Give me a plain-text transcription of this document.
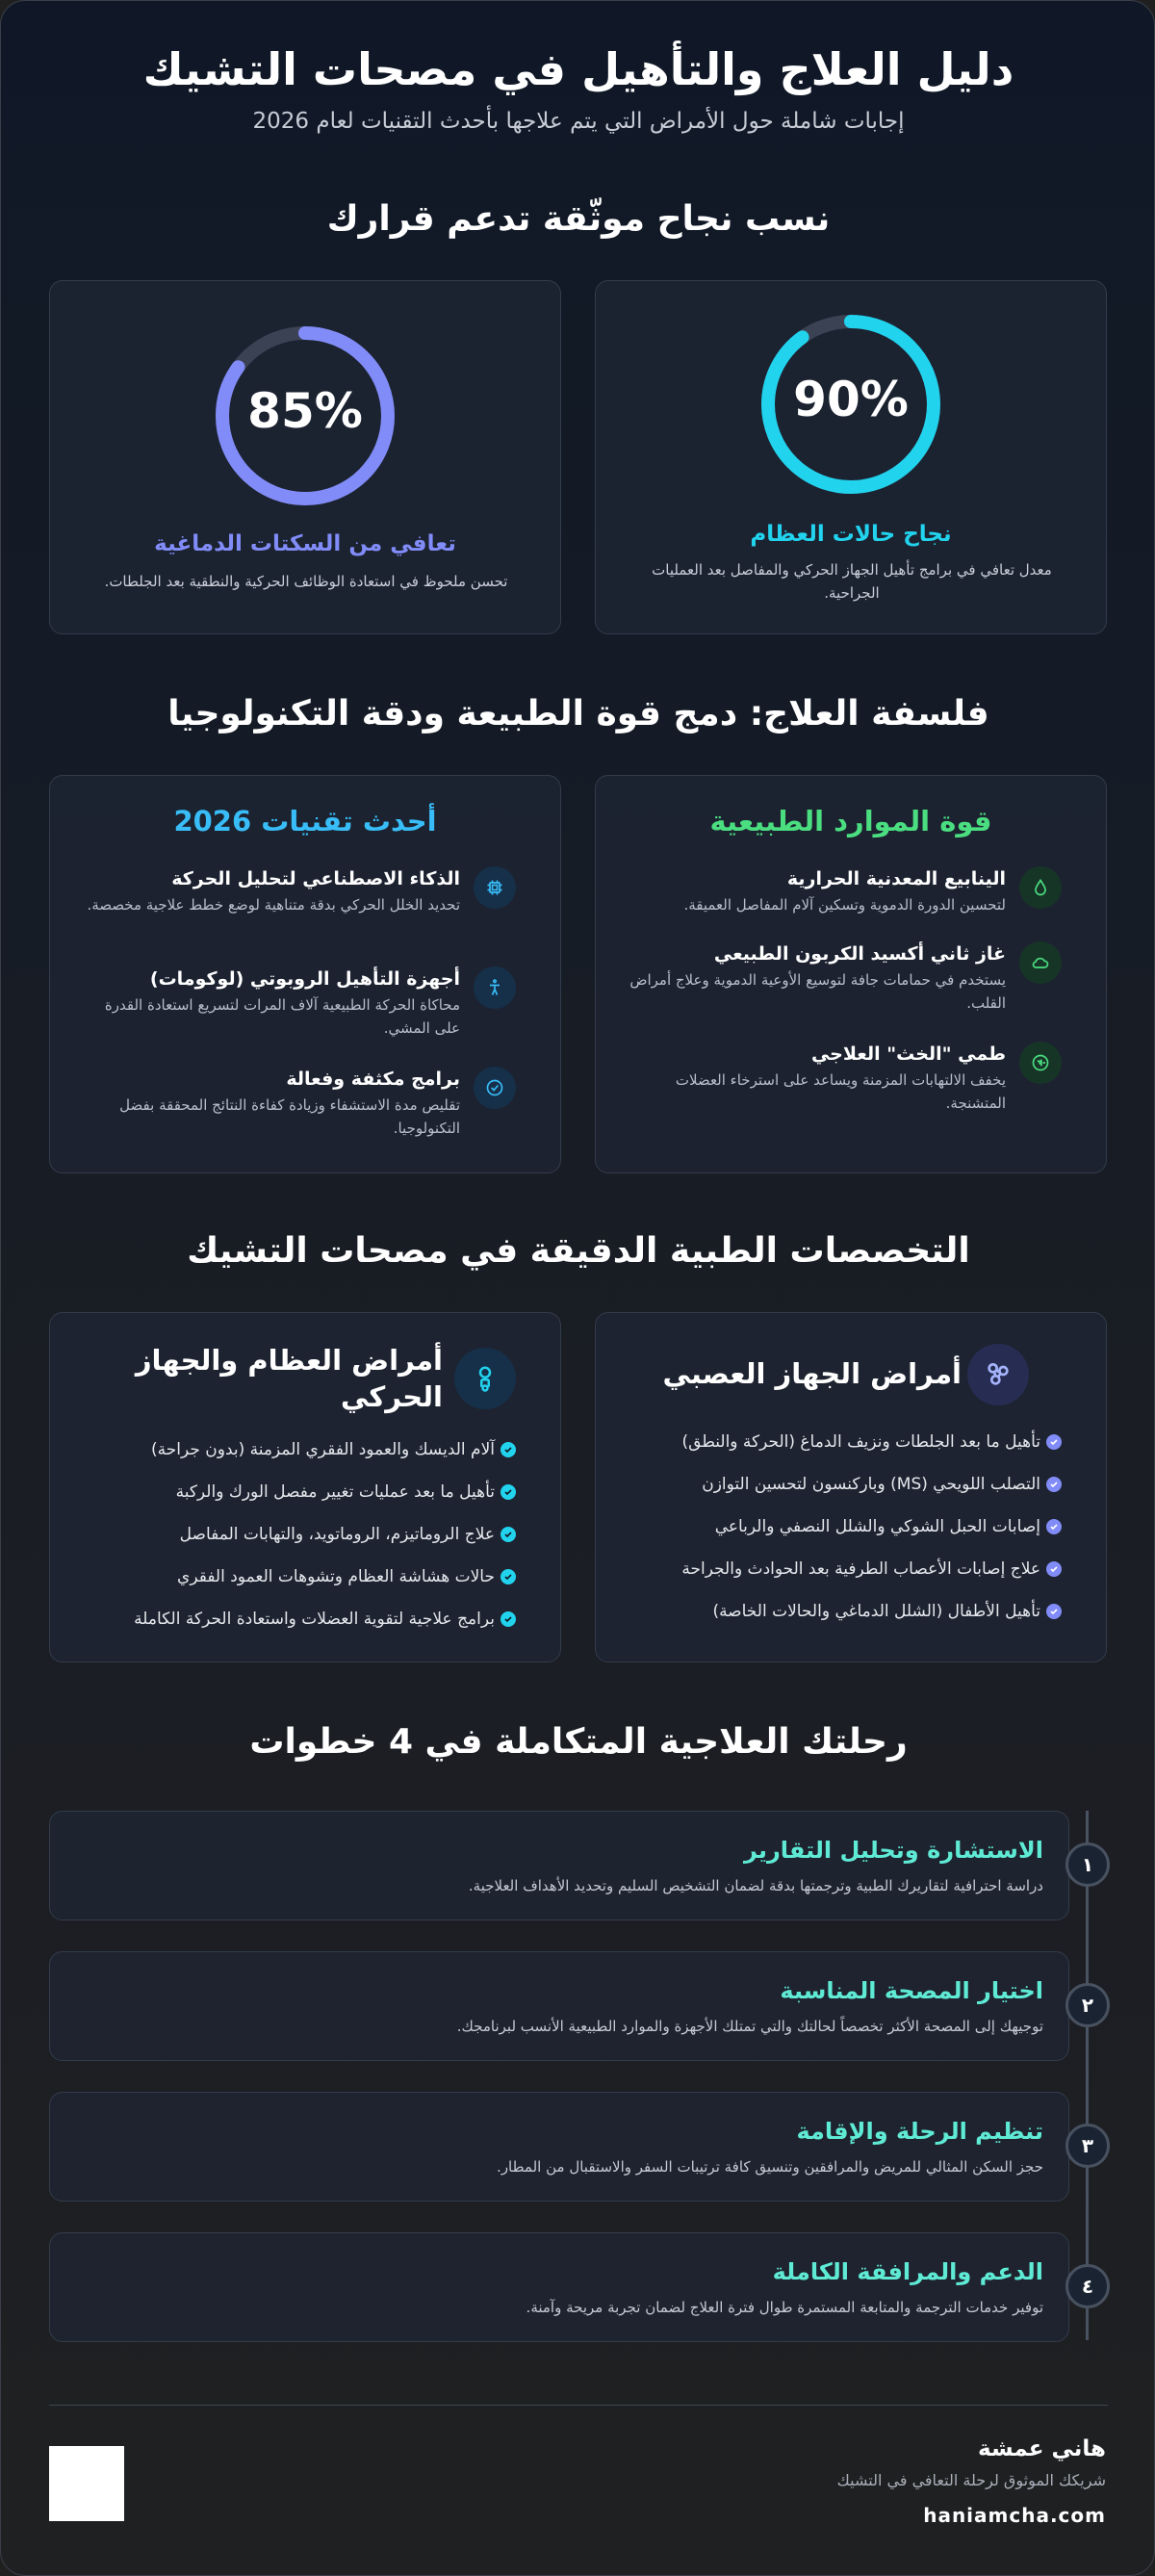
دليل العلاج والتأهيل في مصحات التشيك

إجابات شاملة حول الأمراض التي يتم علاجها بأحدث التقنيات لعام 2026

نسب نجاح موثّقة تدعم قرارك
90%
نجاح حالات العظام
معدل تعافي في برامج تأهيل الجهاز الحركي والمفاصل بعد العمليات الجراحية.
85%
تعافي من السكتات الدماغية
تحسن ملحوظ في استعادة الوظائف الحركية والنطقية بعد الجلطات.
فلسفة العلاج: دمج قوة الطبيعة ودقة التكنولوجيا
قوة الموارد الطبيعية
الينابيع المعدنية الحرارية
لتحسين الدورة الدموية وتسكين آلام المفاصل العميقة.
غاز ثاني أكسيد الكربون الطبيعي
يستخدم في حمامات جافة لتوسيع الأوعية الدموية وعلاج أمراض القلب.
طمي "الخث" العلاجي
يخفف الالتهابات المزمنة ويساعد على استرخاء العضلات المتشنجة.
أحدث تقنيات 2026
الذكاء الاصطناعي لتحليل الحركة
تحديد الخلل الحركي بدقة متناهية لوضع خطط علاجية مخصصة.
أجهزة التأهيل الروبوتي (لوكومات)
محاكاة الحركة الطبيعية آلاف المرات لتسريع استعادة القدرة على المشي.
برامج مكثفة وفعالة
تقليص مدة الاستشفاء وزيادة كفاءة النتائج المحققة بفضل التكنولوجيا.
التخصصات الطبية الدقيقة في مصحات التشيك
أمراض الجهاز العصبي
تأهيل ما بعد الجلطات ونزيف الدماغ (الحركة والنطق)
التصلب اللويحي (MS) وباركنسون لتحسين التوازن
إصابات الحبل الشوكي والشلل النصفي والرباعي
علاج إصابات الأعصاب الطرفية بعد الحوادث والجراحة
تأهيل الأطفال (الشلل الدماغي والحالات الخاصة)
أمراض العظام والجهاز الحركي
آلام الديسك والعمود الفقري المزمنة (بدون جراحة)
تأهيل ما بعد عمليات تغيير مفصل الورك والركبة
علاج الروماتيزم، الروماتويد، والتهابات المفاصل
حالات هشاشة العظام وتشوهات العمود الفقري
برامج علاجية لتقوية العضلات واستعادة الحركة الكاملة
رحلتك العلاجية المتكاملة في 4 خطوات
الاستشارة وتحليل التقارير
دراسة احترافية لتقاريرك الطبية وترجمتها بدقة لضمان التشخيص السليم وتحديد الأهداف العلاجية.
١
اختيار المصحة المناسبة
توجيهك إلى المصحة الأكثر تخصصاً لحالتك والتي تمتلك الأجهزة والموارد الطبيعية الأنسب لبرنامجك.
٢
تنظيم الرحلة والإقامة
حجز السكن المثالي للمريض والمرافقين وتنسيق كافة ترتيبات السفر والاستقبال من المطار.
٣
الدعم والمرافقة الكاملة
توفير خدمات الترجمة والمتابعة المستمرة طوال فترة العلاج لضمان تجربة مريحة وآمنة.
٤
هاني عمشة
شريكك الموثوق لرحلة التعافي في التشيك
haniamcha.com
